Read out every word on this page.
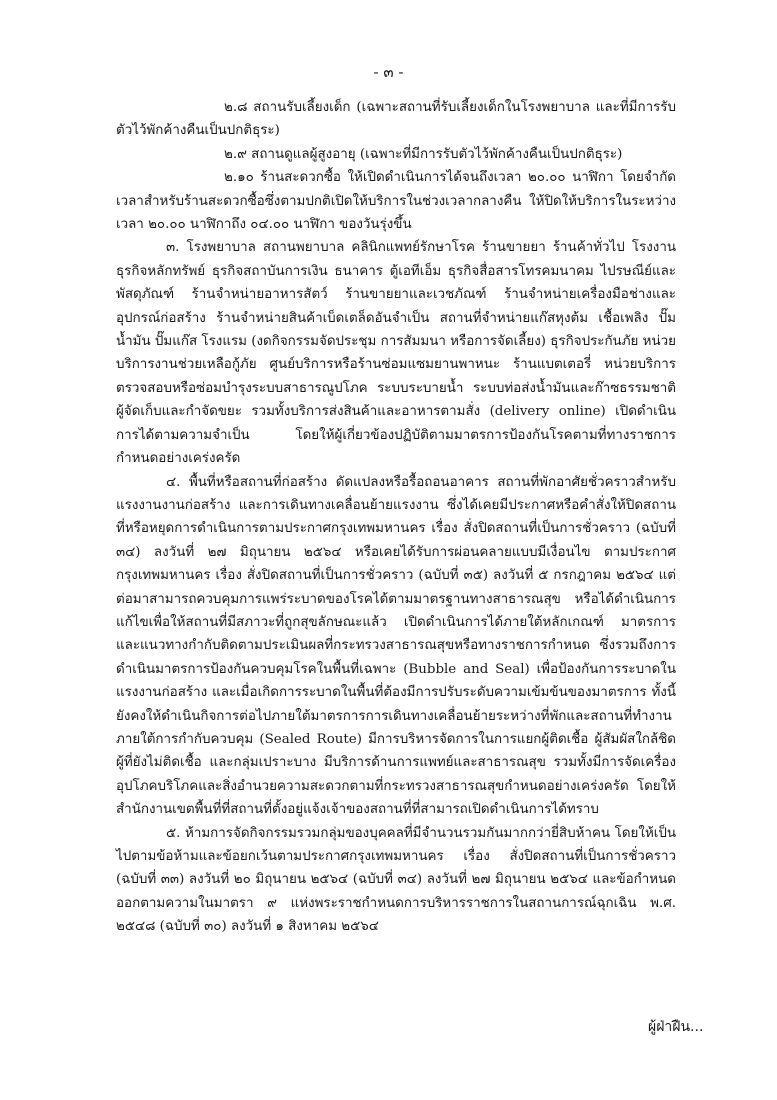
- ๓ -

๒.๘ สถานรับเลี้ยงเด็ก (เฉพาะสถานที่รับเลี้ยงเด็กในโรงพยาบาล และที่มีการรับตัวไว้พักค้างคืนเป็นปกติธุระ)

๒.๙ สถานดูแลผู้สูงอายุ (เฉพาะที่มีการรับตัวไว้พักค้างคืนเป็นปกติธุระ)

๒.๑๐ ร้านสะดวกซื้อ ให้เปิดดำเนินการได้จนถึงเวลา ๒๐.๐๐ นาฬิกา โดยจำกัดเวลาสำหรับร้านสะดวกซื้อซึ่งตามปกติเปิดให้บริการในช่วงเวลากลางคืน ให้ปิดให้บริการในระหว่างเวลา ๒๐.๐๐ นาฬิกาถึง ๐๔.๐๐ นาฬิกา ของวันรุ่งขึ้น

๓. โรงพยาบาล สถานพยาบาล คลินิกแพทย์รักษาโรค ร้านขายยา ร้านค้าทั่วไป โรงงาน ธุรกิจหลักทรัพย์ ธุรกิจสถาบันการเงิน ธนาคาร ตู้เอทีเอ็ม ธุรกิจสื่อสารโทรคมนาคม ไปรษณีย์และพัสดุภัณฑ์ ร้านจำหน่ายอาหารสัตว์ ร้านขายยาและเวชภัณฑ์ ร้านจำหน่ายเครื่องมือช่างและอุปกรณ์ก่อสร้าง ร้านจำหน่ายสินค้าเบ็ดเตล็ดอันจำเป็น สถานที่จำหน่ายแก๊สหุงต้ม เชื้อเพลิง ปั๊มน้ำมัน ปั๊มแก๊ส โรงแรม (งดกิจกรรมจัดประชุม การสัมมนา หรือการจัดเลี้ยง) ธุรกิจประกันภัย หน่วยบริการงานช่วยเหลือกู้ภัย ศูนย์บริการหรือร้านซ่อมแซมยานพาหนะ ร้านแบตเตอรี่ หน่วยบริการตรวจสอบหรือซ่อมบำรุงระบบสาธารณูปโภค ระบบระบายน้ำ ระบบท่อส่งน้ำมันและก๊าซธรรมชาติ ผู้จัดเก็บและกำจัดขยะ รวมทั้งบริการส่งสินค้าและอาหารตามสั่ง (delivery online) เปิดดำเนินการได้ตามความจำเป็น โดยให้ผู้เกี่ยวข้องปฏิบัติตามมาตรการป้องกันโรคตามที่ทางราชการกำหนดอย่างเคร่งครัด

๔. พื้นที่หรือสถานที่ก่อสร้าง ดัดแปลงหรือรื้อถอนอาคาร สถานที่พักอาศัยชั่วคราวสำหรับแรงงานงานก่อสร้าง และการเดินทางเคลื่อนย้ายแรงงาน ซึ่งได้เคยมีประกาศหรือคำสั่งให้ปิดสถานที่หรือหยุดการดำเนินการตามประกาศกรุงเทพมหานคร เรื่อง สั่งปิดสถานที่เป็นการชั่วคราว (ฉบับที่ ๓๔) ลงวันที่ ๒๗ มิถุนายน ๒๕๖๔ หรือเคยได้รับการผ่อนคลายแบบมีเงื่อนไข ตามประกาศกรุงเทพมหานคร เรื่อง สั่งปิดสถานที่เป็นการชั่วคราว (ฉบับที่ ๓๕) ลงวันที่ ๕ กรกฎาคม ๒๕๖๔ แต่ต่อมาสามารถควบคุมการแพร่ระบาดของโรคได้ตามมาตรฐานทางสาธารณสุข หรือได้ดำเนินการแก้ไขเพื่อให้สถานที่มีสภาวะที่ถูกสุขลักษณะแล้ว เปิดดำเนินการได้ภายใต้หลักเกณฑ์ มาตรการ และแนวทางกำกับติดตามประเมินผลที่กระทรวงสาธารณสุขหรือทางราชการกำหนด ซึ่งรวมถึงการดำเนินมาตรการป้องกันควบคุมโรคในพื้นที่เฉพาะ (Bubble and Seal) เพื่อป้องกันการระบาดในแรงงานก่อสร้าง และเมื่อเกิดการระบาดในพื้นที่ต้องมีการปรับระดับความเข้มข้นของมาตรการ ทั้งนี้ ยังคงให้ดำเนินกิจการต่อไปภายใต้มาตรการการเดินทางเคลื่อนย้ายระหว่างที่พักและสถานที่ทำงานภายใต้การกำกับควบคุม (Sealed Route) มีการบริหารจัดการในการแยกผู้ติดเชื้อ ผู้สัมผัสใกล้ชิด ผู้ที่ยังไม่ติดเชื้อ และกลุ่มเปราะบาง มีบริการด้านการแพทย์และสาธารณสุข รวมทั้งมีการจัดเครื่องอุปโภคบริโภคและสิ่งอำนวยความสะดวกตามที่กระทรวงสาธารณสุขกำหนดอย่างเคร่งครัด โดยให้สำนักงานเขตพื้นที่ที่สถานที่ตั้งอยู่แจ้งเจ้าของสถานที่ที่สามารถเปิดดำเนินการได้ทราบ

๕. ห้ามการจัดกิจกรรมรวมกลุ่มของบุคคลที่มีจำนวนรวมกันมากกว่ายี่สิบห้าคน โดยให้เป็นไปตามข้อห้ามและข้อยกเว้นตามประกาศกรุงเทพมหานคร เรื่อง สั่งปิดสถานที่เป็นการชั่วคราว (ฉบับที่ ๓๓) ลงวันที่ ๒๐ มิถุนายน ๒๕๖๔ (ฉบับที่ ๓๔) ลงวันที่ ๒๗ มิถุนายน ๒๕๖๔ และข้อกำหนดออกตามความในมาตรา ๙ แห่งพระราชกำหนดการบริหารราชการในสถานการณ์ฉุกเฉิน พ.ศ. ๒๕๔๘ (ฉบับที่ ๓๐) ลงวันที่ ๑ สิงหาคม ๒๕๖๔

ผู้ฝ่าฝืน...
